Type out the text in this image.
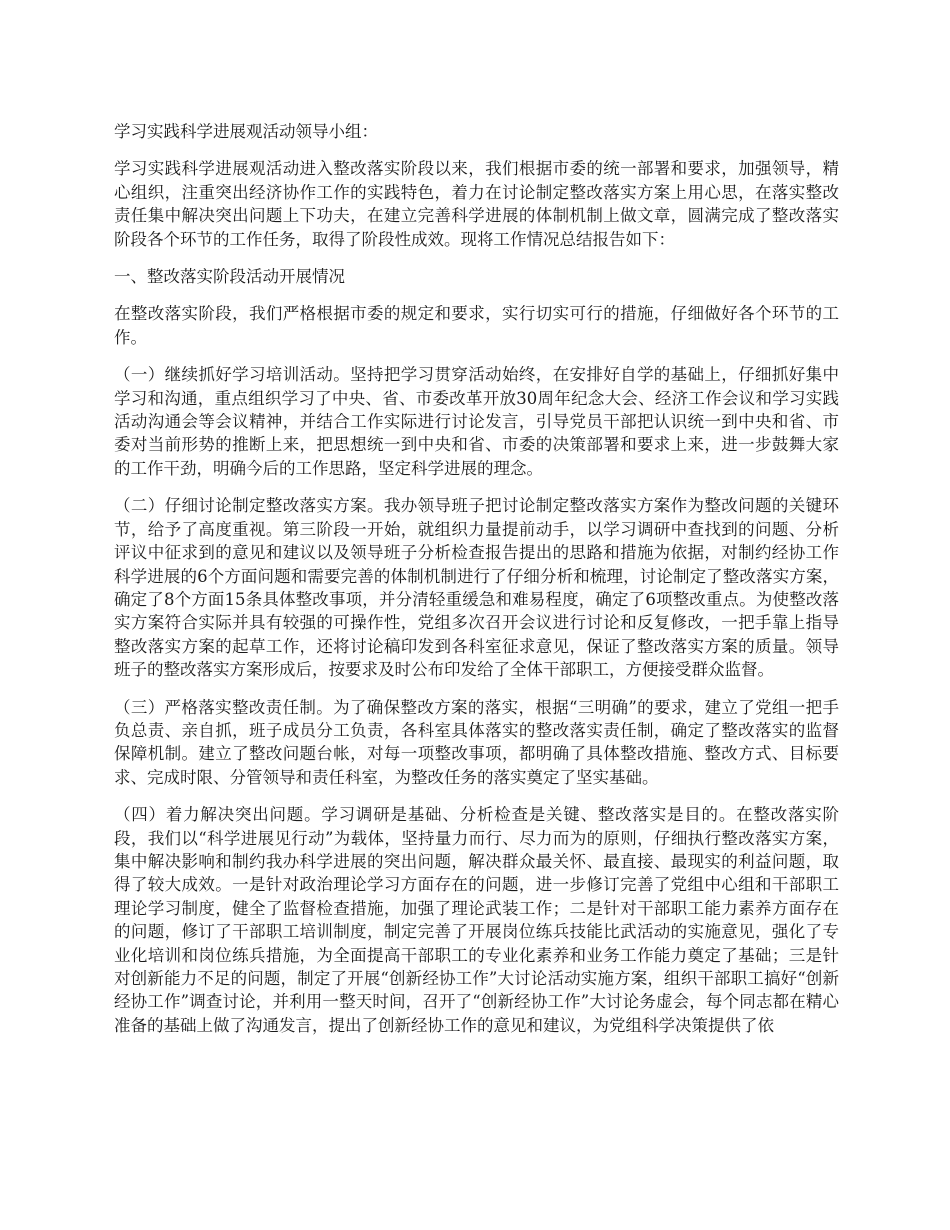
学习实践科学进展观活动领导小组：

学习实践科学进展观活动进入整改落实阶段以来，我们根据市委的统一部署和要求，加强领导，精心组织，注重突出经济协作工作的实践特色，着力在讨论制定整改落实方案上用心思，在落实整改责任集中解决突出问题上下功夫，在建立完善科学进展的体制机制上做文章，圆满完成了整改落实阶段各个环节的工作任务，取得了阶段性成效。现将工作情况总结报告如下：

一、整改落实阶段活动开展情况

在整改落实阶段，我们严格根据市委的规定和要求，实行切实可行的措施，仔细做好各个环节的工作。

（一）继续抓好学习培训活动。坚持把学习贯穿活动始终，在安排好自学的基础上，仔细抓好集中学习和沟通，重点组织学习了中央、省、市委改革开放30周年纪念大会、经济工作会议和学习实践活动沟通会等会议精神，并结合工作实际进行讨论发言，引导党员干部把认识统一到中央和省、市委对当前形势的推断上来，把思想统一到中央和省、市委的决策部署和要求上来，进一步鼓舞大家的工作干劲，明确今后的工作思路，坚定科学进展的理念。

（二）仔细讨论制定整改落实方案。我办领导班子把讨论制定整改落实方案作为整改问题的关键环节，给予了高度重视。第三阶段一开始，就组织力量提前动手，以学习调研中查找到的问题、分析评议中征求到的意见和建议以及领导班子分析检查报告提出的思路和措施为依据，对制约经协工作科学进展的6个方面问题和需要完善的体制机制进行了仔细分析和梳理，讨论制定了整改落实方案，确定了8个方面15条具体整改事项，并分清轻重缓急和难易程度，确定了6项整改重点。为使整改落实方案符合实际并具有较强的可操作性，党组多次召开会议进行讨论和反复修改，一把手靠上指导整改落实方案的起草工作，还将讨论稿印发到各科室征求意见，保证了整改落实方案的质量。领导班子的整改落实方案形成后，按要求及时公布印发给了全体干部职工，方便接受群众监督。

（三）严格落实整改责任制。为了确保整改方案的落实，根据“三明确”的要求，建立了党组一把手负总责、亲自抓，班子成员分工负责，各科室具体落实的整改落实责任制，确定了整改落实的监督保障机制。建立了整改问题台帐，对每一项整改事项，都明确了具体整改措施、整改方式、目标要求、完成时限、分管领导和责任科室，为整改任务的落实奠定了坚实基础。

（四）着力解决突出问题。学习调研是基础、分析检查是关键、整改落实是目的。在整改落实阶段，我们以“科学进展见行动”为载体，坚持量力而行、尽力而为的原则，仔细执行整改落实方案，集中解决影响和制约我办科学进展的突出问题，解决群众最关怀、最直接、最现实的利益问题，取得了较大成效。一是针对政治理论学习方面存在的问题，进一步修订完善了党组中心组和干部职工理论学习制度，健全了监督检查措施，加强了理论武装工作；二是针对干部职工能力素养方面存在的问题，修订了干部职工培训制度，制定完善了开展岗位练兵技能比武活动的实施意见，强化了专业化培训和岗位练兵措施，为全面提高干部职工的专业化素养和业务工作能力奠定了基础；三是针对创新能力不足的问题，制定了开展“创新经协工作”大讨论活动实施方案，组织干部职工搞好“创新经协工作”调查讨论，并利用一整天时间，召开了“创新经协工作”大讨论务虚会，每个同志都在精心准备的基础上做了沟通发言，提出了创新经协工作的意见和建议，为党组科学决策提供了依
